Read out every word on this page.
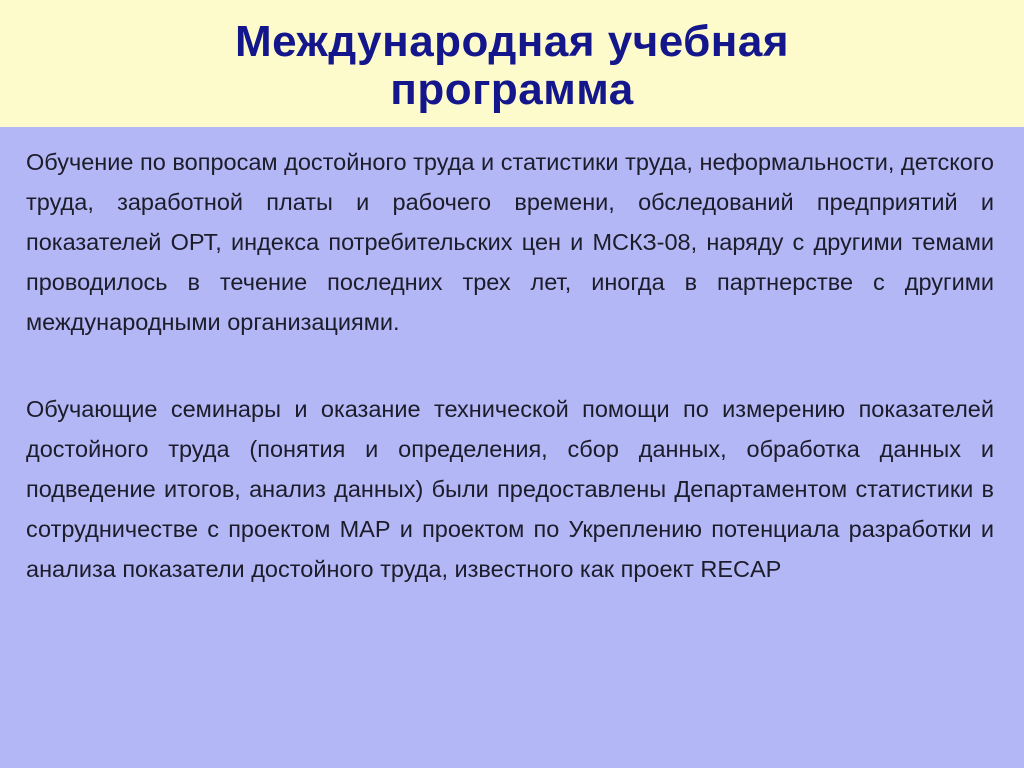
Международная учебная
программа

Обучение по вопросам достойного труда и статистики труда, неформальности, детского труда, заработной платы и рабочего времени, обследований предприятий и показателей ОРТ, индекса потребительских цен и МСКЗ-08, наряду с другими темами проводилось в течение последних трех лет, иногда в партнерстве с другими международными организациями.

Обучающие семинары и оказание технической помощи по измерению показателей достойного труда (понятия и определения, сбор данных, обработка данных и подведение итогов, анализ данных) были предоставлены Департаментом статистики в сотрудничестве с проектом МАР и проектом по Укреплению потенциала разработки и анализа показатели достойного труда, известного как проект RECAP
